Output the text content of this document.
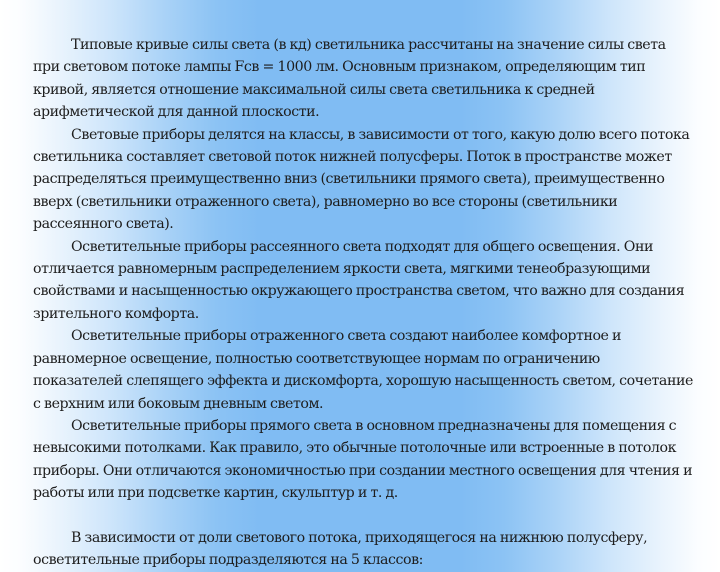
Типовые кривые силы света (в кд) светильника рассчитаны на значение силы света при световом потоке лампы Fсв = 1000 лм. Основным признаком, определяющим тип кривой, является отношение максимальной силы света светильника к средней арифметической для данной плоскости.

Световые приборы делятся на классы, в зависимости от того, какую долю всего потока светильника составляет световой поток нижней полусферы. Поток в пространстве может распределяться преимущественно вниз (светильники прямого света), преимущественно вверх (светильники отраженного света), равномерно во все стороны (светильники рассеянного света).

Осветительные приборы рассеянного света подходят для общего освещения. Они отличается равномерным распределением яркости света, мягкими тенеобразующими свойствами и насыщенностью окружающего пространства светом, что важно для создания зрительного комфорта.

Осветительные приборы отраженного света создают наиболее комфортное и равномерное освещение, полностью соответствующее нормам по ограничению показателей слепящего эффекта и дискомфорта, хорошую насыщенность светом, сочетание с верхним или боковым дневным светом.

Осветительные приборы прямого света в основном предназначены для помещения с невысокими потолками. Как правило, это обычные потолочные или встроенные в потолок приборы. Они отличаются экономичностью при создании местного освещения для чтения и работы или при подсветке картин, скульптур и т. д.

В зависимости от доли светового потока, приходящегося на нижнюю полусферу, осветительные приборы подразделяются на 5 классов:
